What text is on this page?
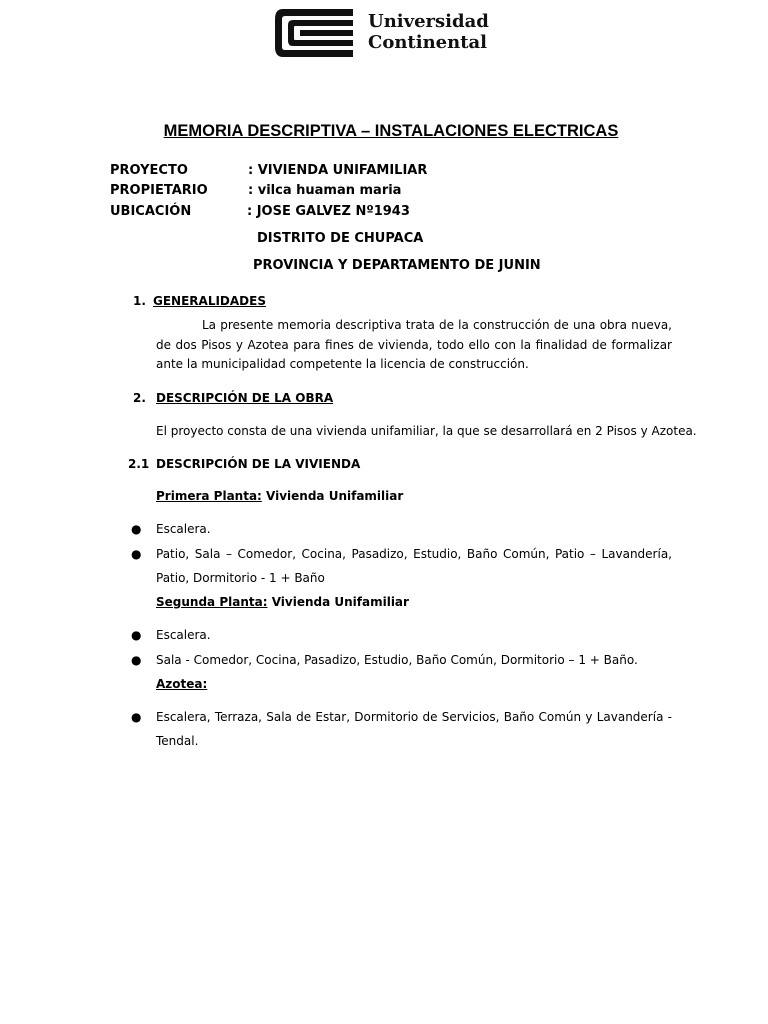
Universidad
Continental
MEMORIA DESCRIPTIVA – INSTALACIONES ELECTRICAS
PROYECTO	: VIVIENDA UNIFAMILIAR
PROPIETARIO	: vilca huaman maria
UBICACIÓN	: JOSE GALVEZ Nº1943
DISTRITO DE CHUPACA
PROVINCIA Y DEPARTAMENTO DE JUNIN
1. GENERALIDADES
La presente memoria descriptiva trata de la construcción de una obra nueva, de dos Pisos y Azotea para fines de vivienda, todo ello con la finalidad de formalizar ante la municipalidad competente la licencia de construcción.
2. DESCRIPCIÓN DE LA OBRA
El proyecto consta de una vivienda unifamiliar, la que se desarrollará en 2 Pisos y Azotea.
2.1 DESCRIPCIÓN DE LA VIVIENDA
Primera Planta: Vivienda Unifamiliar
● Escalera.
● Patio, Sala – Comedor, Cocina, Pasadizo, Estudio, Baño Común, Patio – Lavandería, Patio, Dormitorio - 1 + Baño
Segunda Planta: Vivienda Unifamiliar
● Escalera.
● Sala - Comedor, Cocina, Pasadizo, Estudio, Baño Común, Dormitorio – 1 + Baño.
Azotea:
● Escalera, Terraza, Sala de Estar, Dormitorio de Servicios, Baño Común y Lavandería - Tendal.
